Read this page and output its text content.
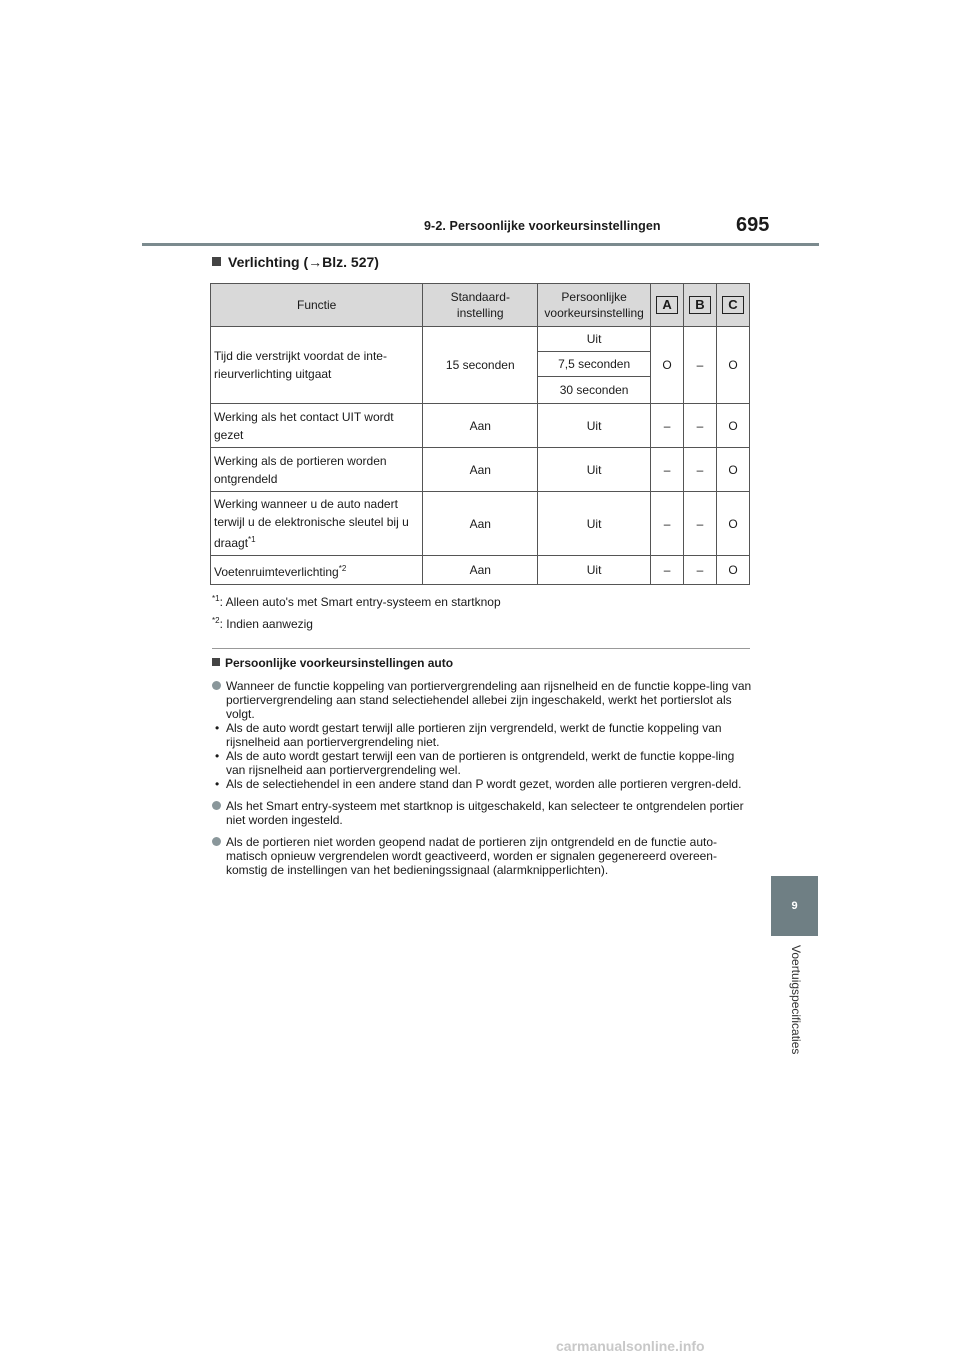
9-2. Persoonlijke voorkeursinstellingen	695
9
Voertuigspecificaties
Verlichting (→Blz. 527)
Functie	Standaard-instelling	Persoonlijke voorkeursinstelling	A	B	C
Tijd die verstrijkt voordat de inte-rieurverlichting uitgaat	15 seconden	Uit	O	–	O
		7,5 seconden			
		30 seconden			
Werking als het contact UIT wordt gezet	Aan	Uit	–	–	O
Werking als de portieren worden ontgrendeld	Aan	Uit	–	–	O
Werking wanneer u de auto nadert terwijl u de elektronische sleutel bij u draagt$^{*1}$	Aan	Uit	–	–	O
Voetenruimteverlichting$^{*2}$	Aan	Uit	–	–	O
$^{*1}$: Alleen auto's met Smart entry-systeem en startknop
$^{*2}$: Indien aanwezig
Persoonlijke voorkeursinstellingen auto
Wanneer de functie koppeling van portiervergrendeling aan rijsnelheid en de functie koppe-ling van portiervergrendeling aan stand selectiehendel allebei zijn ingeschakeld, werkt het portierslot als volgt.
• Als de auto wordt gestart terwijl alle portieren zijn vergrendeld, werkt de functie koppeling van rijsnelheid aan portiervergrendeling niet.
• Als de auto wordt gestart terwijl een van de portieren is ontgrendeld, werkt de functie koppe-ling van rijsnelheid aan portiervergrendeling wel.
• Als de selectiehendel in een andere stand dan P wordt gezet, worden alle portieren vergren-deld.
Als het Smart entry-systeem met startknop is uitgeschakeld, kan selecteer te ontgrendelen portier niet worden ingesteld.
Als de portieren niet worden geopend nadat de portieren zijn ontgrendeld en de functie auto-matisch opnieuw vergrendelen wordt geactiveerd, worden er signalen gegenereerd overeen-komstig de instellingen van het bedieningssignaal (alarmknipperlichten).
carmanualsonline.info
